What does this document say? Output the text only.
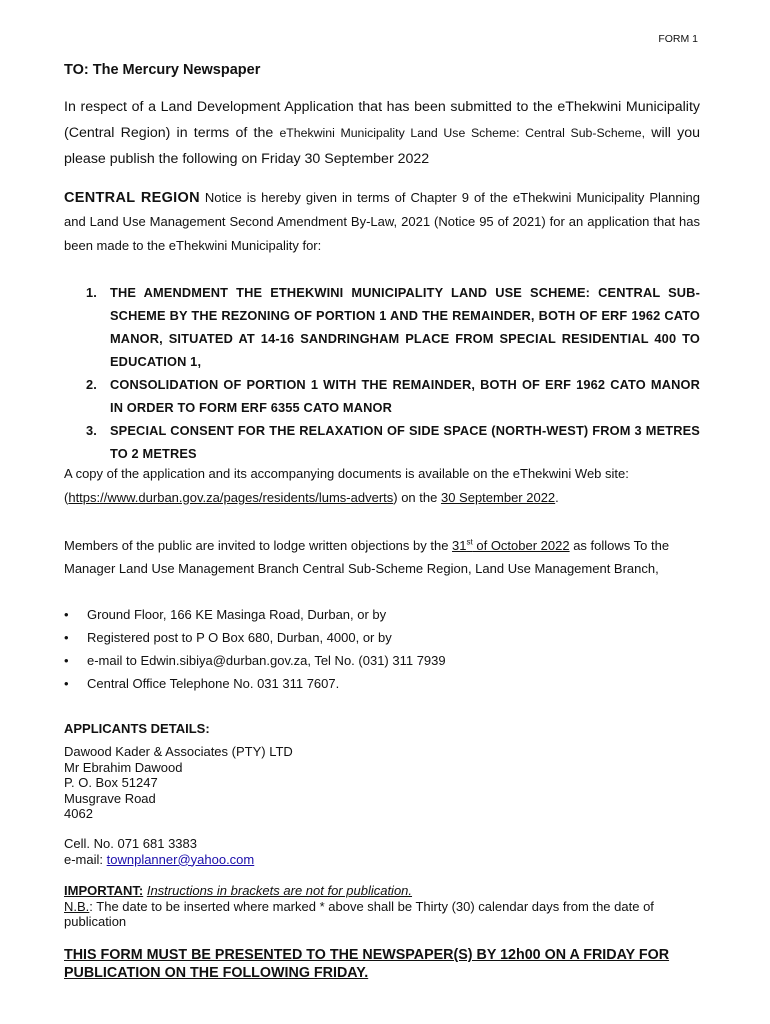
FORM 1
TO: The Mercury Newspaper
In respect of a Land Development Application that has been submitted to the eThekwini Municipality (Central Region) in terms of the eThekwini Municipality Land Use Scheme: Central Sub-Scheme, will you please publish the following on Friday 30 September 2022
CENTRAL REGION Notice is hereby given in terms of Chapter 9 of the eThekwini Municipality Planning and Land Use Management Second Amendment By-Law, 2021 (Notice 95 of 2021) for an application that has been made to the eThekwini Municipality for:
1. THE AMENDMENT THE ETHEKWINI MUNICIPALITY LAND USE SCHEME: CENTRAL SUB-SCHEME BY THE REZONING OF PORTION 1 AND THE REMAINDER, BOTH OF ERF 1962 CATO MANOR, SITUATED AT 14-16 SANDRINGHAM PLACE FROM SPECIAL RESIDENTIAL 400 TO EDUCATION 1,
2. CONSOLIDATION OF PORTION 1 WITH THE REMAINDER, BOTH OF ERF 1962 CATO MANOR IN ORDER TO FORM ERF 6355 CATO MANOR
3. SPECIAL CONSENT FOR THE RELAXATION OF SIDE SPACE (NORTH-WEST) FROM 3 METRES TO 2 METRES
A copy of the application and its accompanying documents is available on the eThekwini Web site:
(https://www.durban.gov.za/pages/residents/lums-adverts) on the 30 September 2022.
Members of the public are invited to lodge written objections by the 31st of October 2022 as follows To the Manager Land Use Management Branch Central Sub-Scheme Region, Land Use Management Branch,
• Ground Floor, 166 KE Masinga Road, Durban, or by
• Registered post to P O Box 680, Durban, 4000, or by
• e-mail to Edwin.sibiya@durban.gov.za, Tel No. (031) 311 7939
• Central Office Telephone No. 031 311 7607.
APPLICANTS DETAILS:
Dawood Kader & Associates (PTY) LTD
Mr Ebrahim Dawood
P. O. Box 51247
Musgrave Road
4062
Cell. No. 071 681 3383
e-mail: townplanner@yahoo.com
IMPORTANT: Instructions in brackets are not for publication.
N.B.: The date to be inserted where marked * above shall be Thirty (30) calendar days from the date of publication
THIS FORM MUST BE PRESENTED TO THE NEWSPAPER(S) BY 12h00 ON A FRIDAY FOR PUBLICATION ON THE FOLLOWING FRIDAY.
